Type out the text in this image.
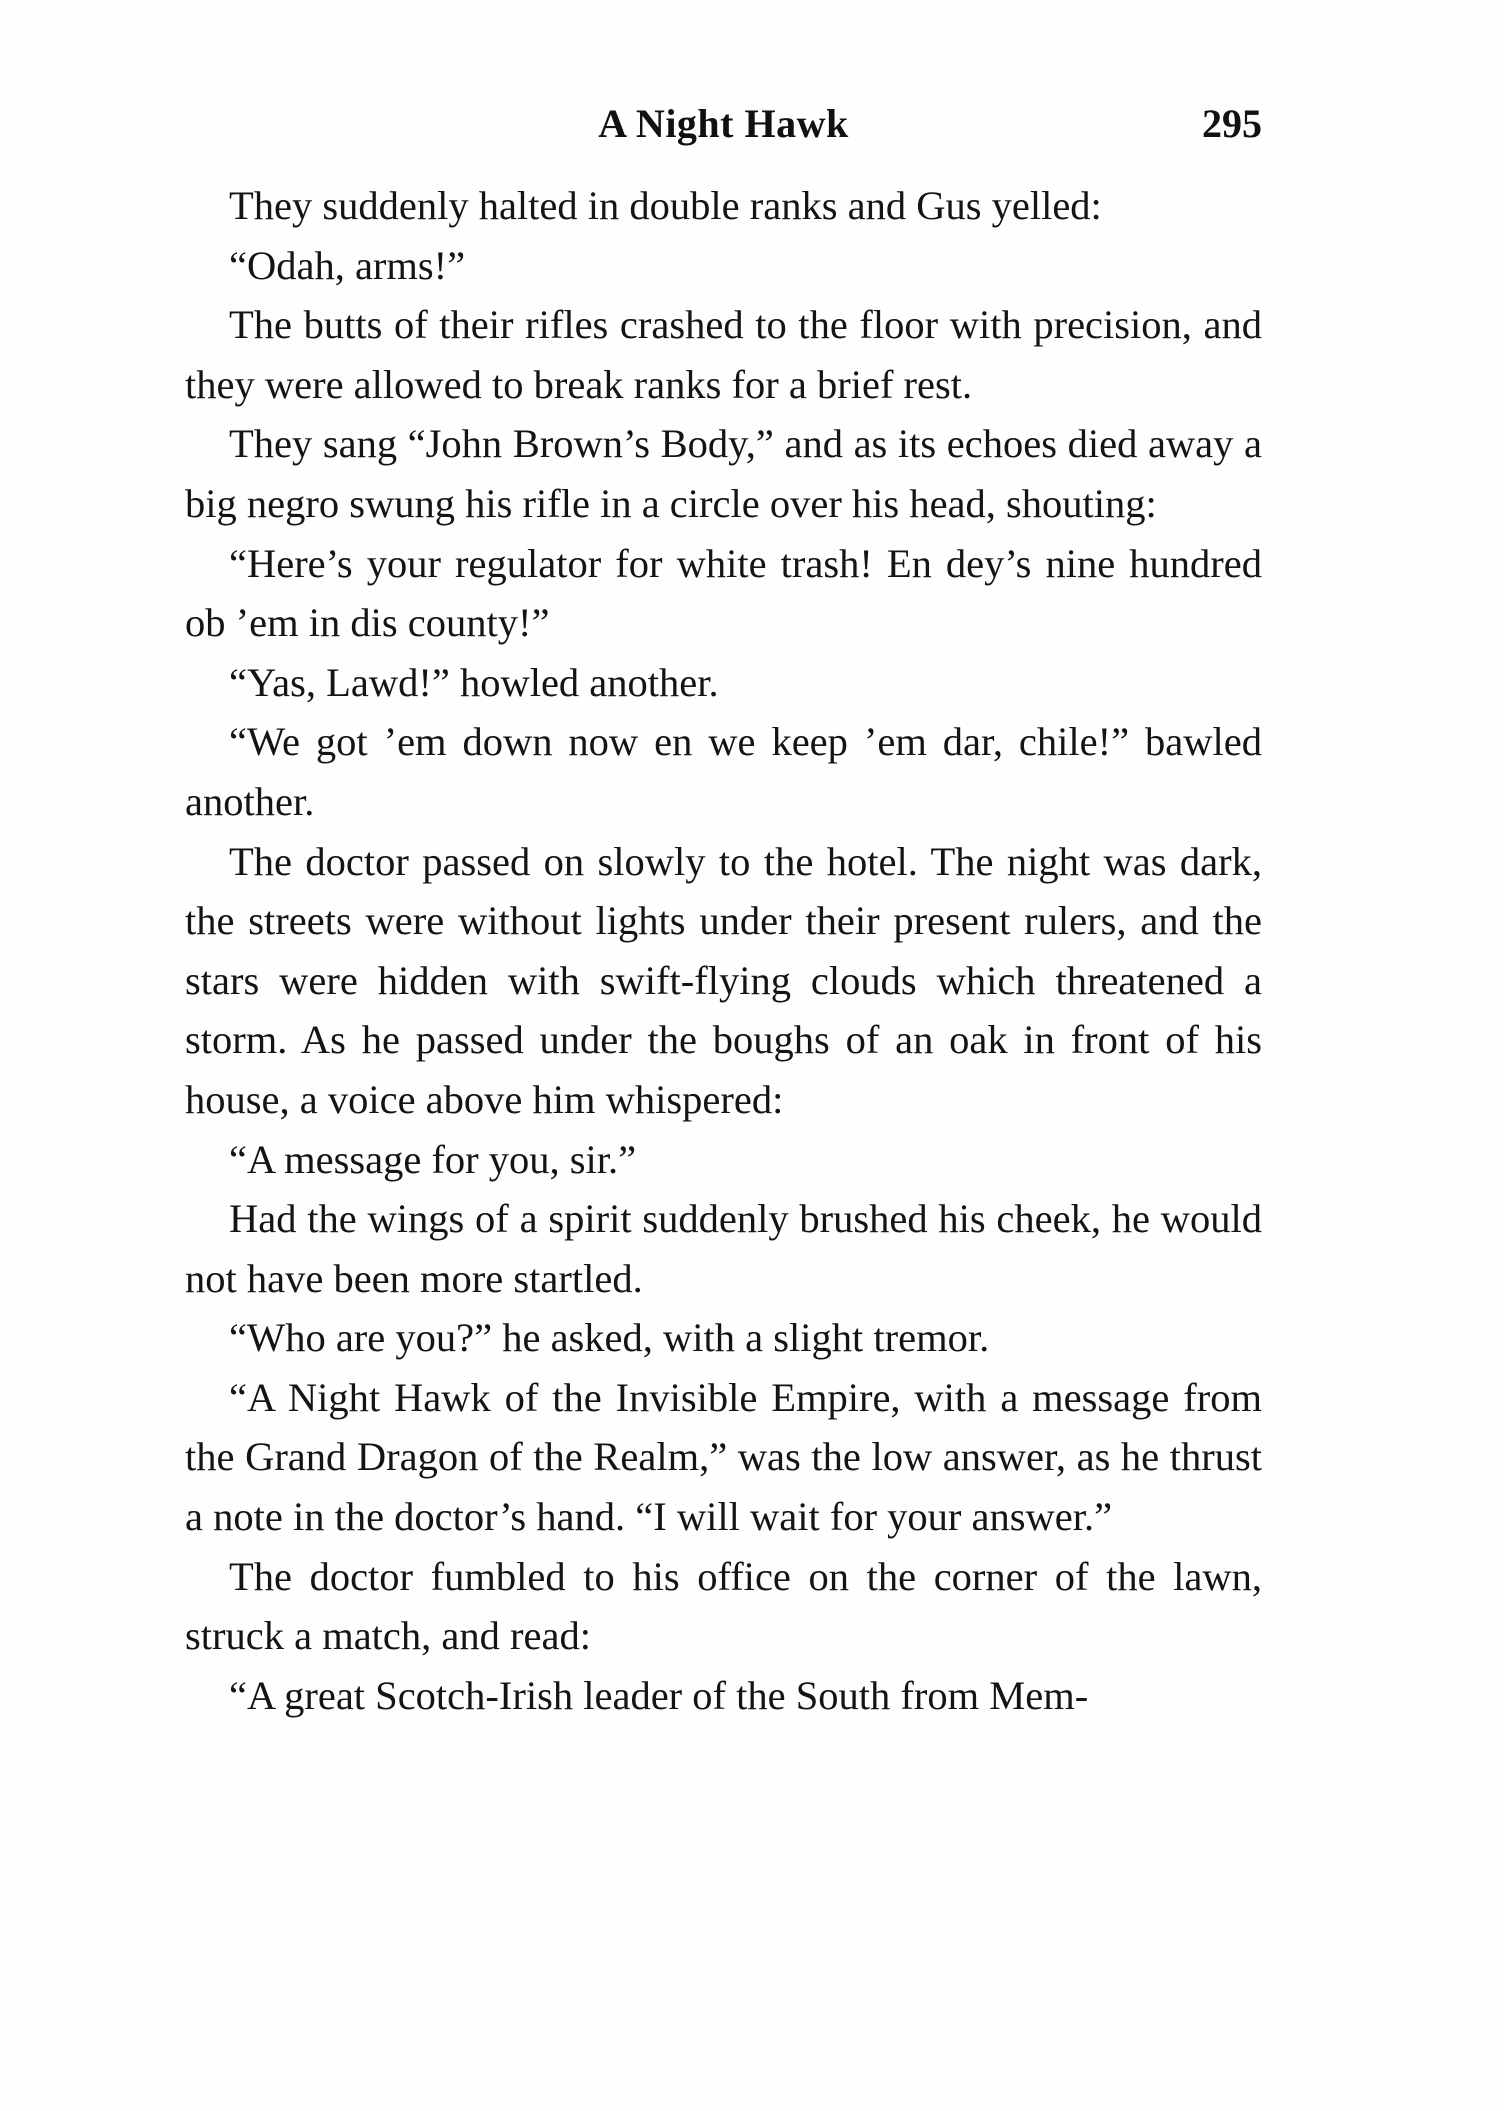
A Night Hawk	295

They suddenly halted in double ranks and Gus yelled:

“Odah, arms!”

The butts of their rifles crashed to the floor with precision, and they were allowed to break ranks for a brief rest.

They sang “John Brown’s Body,” and as its echoes died away a big negro swung his rifle in a circle over his head, shouting:

“Here’s your regulator for white trash! En dey’s nine hundred ob ’em in dis county!”

“Yas, Lawd!” howled another.

“We got ’em down now en we keep ’em dar, chile!” bawled another.

The doctor passed on slowly to the hotel. The night was dark, the streets were without lights under their present rulers, and the stars were hidden with swift-flying clouds which threatened a storm. As he passed under the boughs of an oak in front of his house, a voice above him whispered:

“A message for you, sir.”

Had the wings of a spirit suddenly brushed his cheek, he would not have been more startled.

“Who are you?” he asked, with a slight tremor.

“A Night Hawk of the Invisible Empire, with a message from the Grand Dragon of the Realm,” was the low answer, as he thrust a note in the doctor’s hand. “I will wait for your answer.”

The doctor fumbled to his office on the corner of the lawn, struck a match, and read:

“A great Scotch-Irish leader of the South from Mem-
